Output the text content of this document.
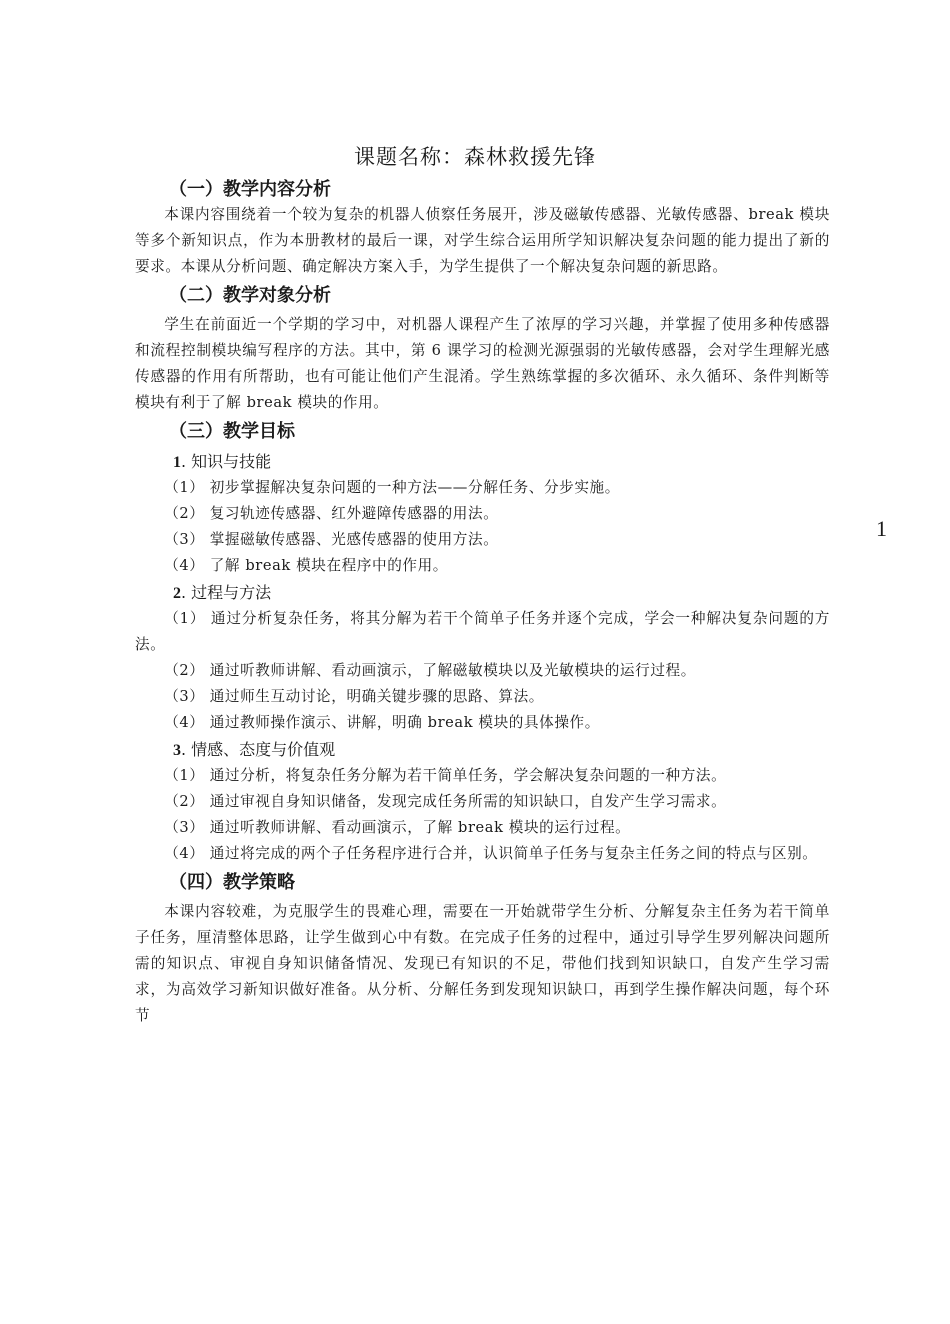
课题名称：森林救援先锋
1
（一）教学内容分析

本课内容围绕着一个较为复杂的机器人侦察任务展开，涉及磁敏传感器、光敏传感器、break 模块等多个新知识点，作为本册教材的最后一课，对学生综合运用所学知识解决复杂问题的能力提出了新的要求。本课从分析问题、确定解决方案入手，为学生提供了一个解决复杂问题的新思路。

（二）教学对象分析

学生在前面近一个学期的学习中，对机器人课程产生了浓厚的学习兴趣，并掌握了使用多种传感器和流程控制模块编写程序的方法。其中，第 6 课学习的检测光源强弱的光敏传感器，会对学生理解光感传感器的作用有所帮助，也有可能让他们产生混淆。学生熟练掌握的多次循环、永久循环、条件判断等模块有利于了解 break 模块的作用。

（三）教学目标
1. 知识与技能

（1） 初步掌握解决复杂问题的一种方法——分解任务、分步实施。

（2） 复习轨迹传感器、红外避障传感器的用法。

（3） 掌握磁敏传感器、光感传感器的使用方法。

（4） 了解 break 模块在程序中的作用。

2. 过程与方法

（1） 通过分析复杂任务，将其分解为若干个简单子任务并逐个完成，学会一种解决复杂问题的方法。

（2） 通过听教师讲解、看动画演示，了解磁敏模块以及光敏模块的运行过程。

（3） 通过师生互动讨论，明确关键步骤的思路、算法。

（4） 通过教师操作演示、讲解，明确 break 模块的具体操作。

3. 情感、态度与价值观

（1） 通过分析，将复杂任务分解为若干简单任务，学会解决复杂问题的一种方法。

（2） 通过审视自身知识储备，发现完成任务所需的知识缺口，自发产生学习需求。

（3） 通过听教师讲解、看动画演示，了解 break 模块的运行过程。

（4） 通过将完成的两个子任务程序进行合并，认识简单子任务与复杂主任务之间的特点与区别。

（四）教学策略

本课内容较难，为克服学生的畏难心理，需要在一开始就带学生分析、分解复杂主任务为若干简单子任务，厘清整体思路，让学生做到心中有数。在完成子任务的过程中，通过引导学生罗列解决问题所需的知识点、审视自身知识储备情况、发现已有知识的不足，带他们找到知识缺口，自发产生学习需求，为高效学习新知识做好准备。从分析、分解任务到发现知识缺口，再到学生操作解决问题，每个环节
